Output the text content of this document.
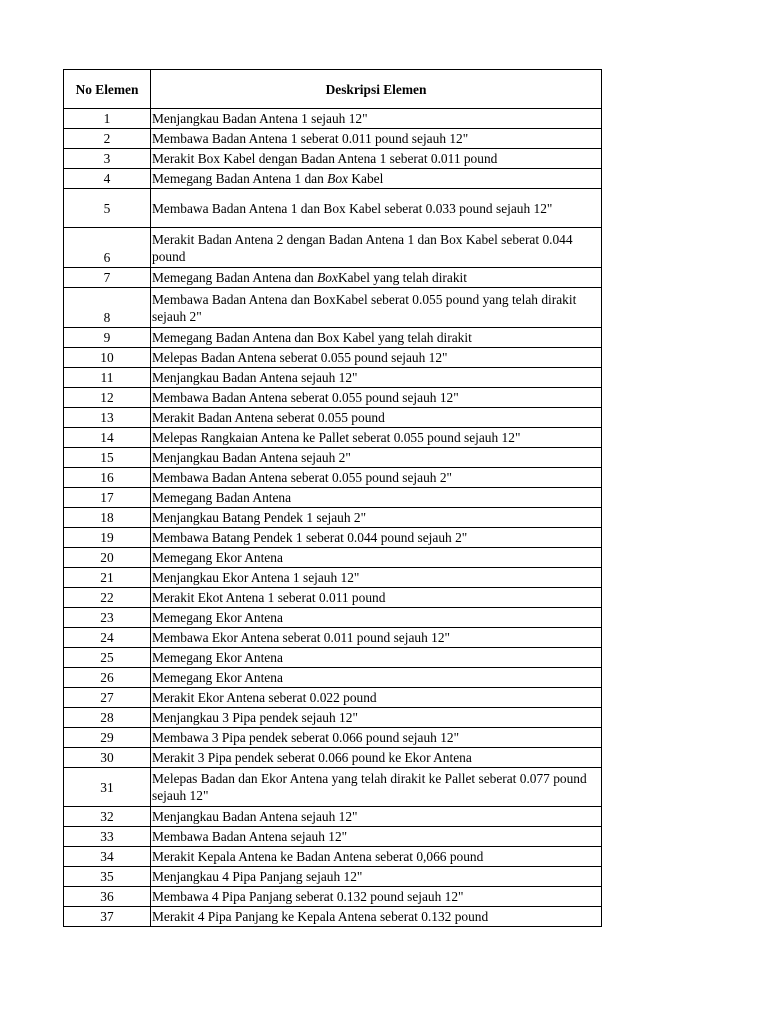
No Elemen	Deskripsi Elemen
1	Menjangkau Badan Antena 1 sejauh 12"
2	Membawa Badan Antena 1 seberat 0.011 pound sejauh 12"
3	Merakit Box Kabel dengan Badan Antena 1 seberat 0.011 pound
4	Memegang Badan Antena 1 dan Box Kabel
5	Membawa Badan Antena 1 dan Box Kabel seberat 0.033 pound sejauh 12"
6	Merakit Badan Antena 2 dengan Badan Antena 1 dan Box Kabel seberat 0.044 pound
7	Memegang Badan Antena dan BoxKabel yang telah dirakit
8	Membawa Badan Antena dan BoxKabel seberat 0.055 pound yang telah dirakit sejauh 2"
9	Memegang Badan Antena dan Box Kabel yang telah dirakit
10	Melepas Badan Antena seberat 0.055 pound sejauh 12"
11	Menjangkau Badan Antena sejauh 12"
12	Membawa Badan Antena seberat 0.055 pound sejauh 12"
13	Merakit Badan Antena seberat 0.055 pound
14	Melepas Rangkaian Antena ke Pallet seberat 0.055 pound sejauh 12"
15	Menjangkau Badan Antena sejauh 2"
16	Membawa Badan Antena seberat 0.055 pound sejauh 2"
17	Memegang Badan Antena
18	Menjangkau Batang Pendek 1 sejauh 2"
19	Membawa Batang Pendek 1 seberat 0.044 pound sejauh 2"
20	Memegang Ekor Antena
21	Menjangkau Ekor Antena 1 sejauh 12"
22	Merakit Ekot Antena 1 seberat 0.011 pound
23	Memegang Ekor Antena
24	Membawa Ekor Antena seberat 0.011 pound sejauh 12"
25	Memegang Ekor Antena
26	Memegang Ekor Antena
27	Merakit Ekor Antena seberat 0.022 pound
28	Menjangkau 3 Pipa pendek sejauh 12"
29	Membawa 3 Pipa pendek seberat 0.066 pound sejauh 12"
30	Merakit 3 Pipa pendek seberat 0.066 pound ke Ekor Antena
31	Melepas Badan dan Ekor Antena yang telah dirakit ke Pallet seberat 0.077 pound sejauh 12"
32	Menjangkau Badan Antena sejauh 12"
33	Membawa Badan Antena sejauh 12"
34	Merakit Kepala Antena ke Badan Antena seberat 0,066 pound
35	Menjangkau 4 Pipa Panjang sejauh 12"
36	Membawa 4 Pipa Panjang seberat 0.132 pound sejauh 12"
37	Merakit 4 Pipa Panjang ke Kepala Antena seberat 0.132 pound
